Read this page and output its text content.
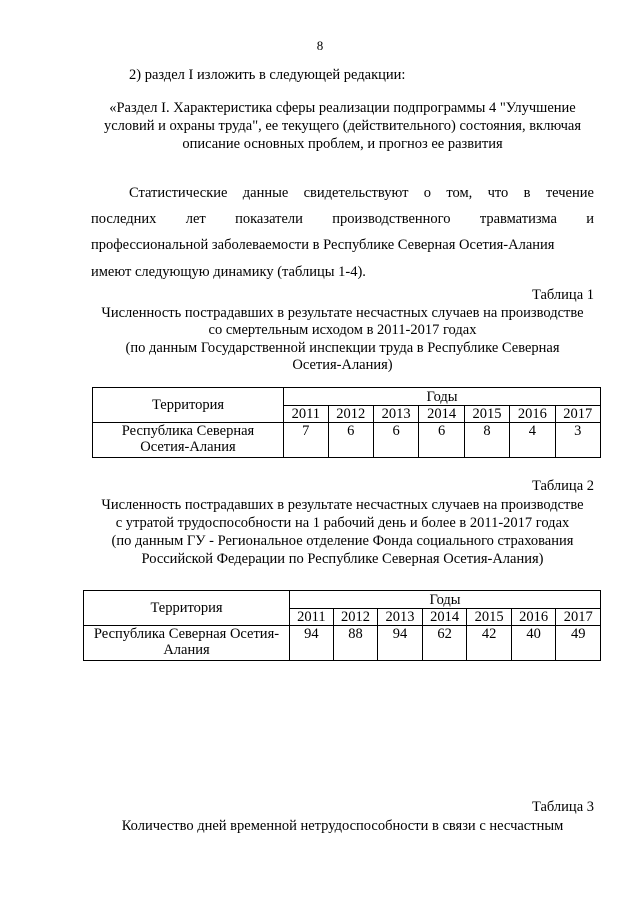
8
2) раздел I изложить в следующей редакции:
«Раздел I. Характеристика сферы реализации подпрограммы 4 "Улучшение
условий и охраны труда", ее текущего (действительного) состояния, включая
описание основных проблем, и прогноз ее развития
Статистические данные свидетельствуют о том, что в течение
последних лет показатели производственного травматизма и
профессиональной заболеваемости в Республике Северная Осетия-Алания
имеют следующую динамику (таблицы 1-4).
Таблица 1
Численность пострадавших в результате несчастных случаев на производстве
со смертельным исходом в 2011-2017 годах
(по данным Государственной инспекции труда в Республике Северная
Осетия-Алания)
Территория	Годы						
	2011	2012	2013	2014	2015	2016	2017

Республика Северная
Осетия-Алания	7	6	6	6	8	4	3
Таблица 2
Численность пострадавших в результате несчастных случаев на производстве
с утратой трудоспособности на 1 рабочий день и более в 2011-2017 годах
(по данным ГУ - Региональное отделение Фонда социального страхования
Российской Федерации по Республике Северная Осетия-Алания)
Территория	Годы						
	2011	2012	2013	2014	2015	2016	2017

Республика Северная Осетия-
Алания	94	88	94	62	42	40	49
Таблица 3
Количество дней временной нетрудоспособности в связи с несчастным
